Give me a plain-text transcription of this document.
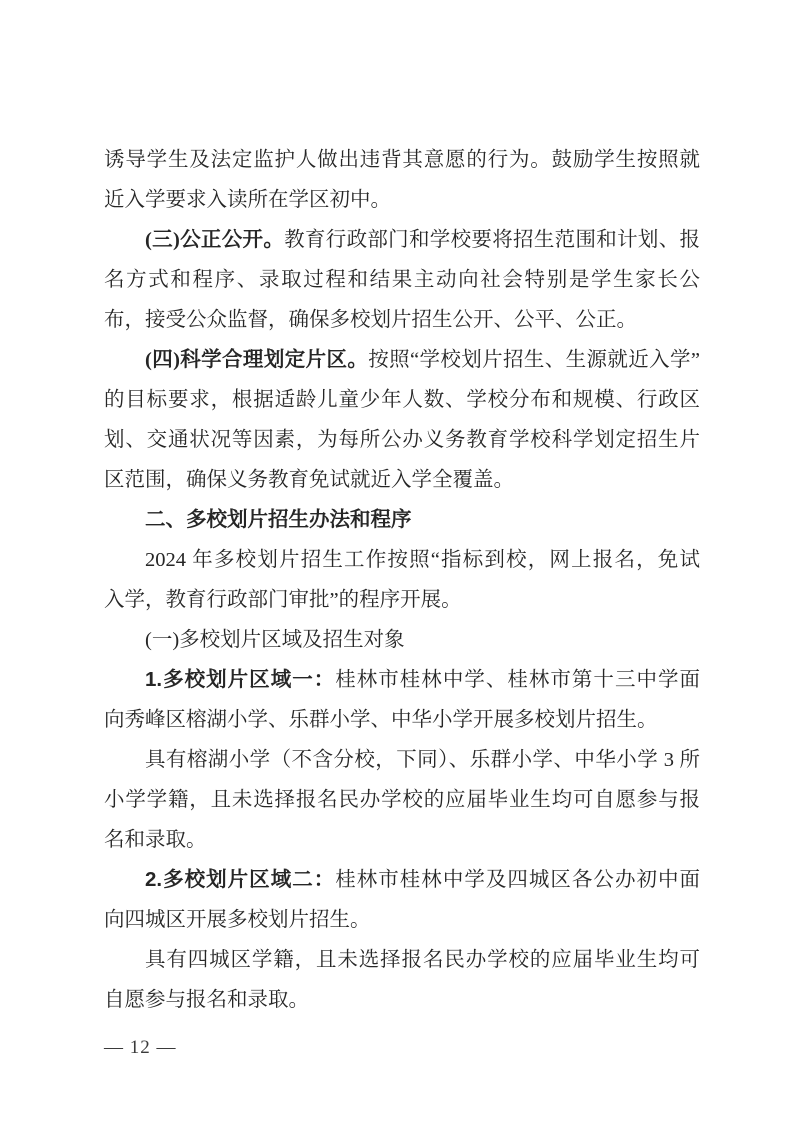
诱导学生及法定监护人做出违背其意愿的行为。鼓励学生按照就
近入学要求入读所在学区初中。
(三)公正公开。教育行政部门和学校要将招生范围和计划、报
名方式和程序、录取过程和结果主动向社会特别是学生家长公
布，接受公众监督，确保多校划片招生公开、公平、公正。
(四)科学合理划定片区。按照“学校划片招生、生源就近入学”
的目标要求，根据适龄儿童少年人数、学校分布和规模、行政区
划、交通状况等因素，为每所公办义务教育学校科学划定招生片
区范围，确保义务教育免试就近入学全覆盖。
二、多校划片招生办法和程序
2024 年多校划片招生工作按照“指标到校，网上报名，免试
入学，教育行政部门审批”的程序开展。
(一)多校划片区域及招生对象
1.多校划片区域一：桂林市桂林中学、桂林市第十三中学面
向秀峰区榕湖小学、乐群小学、中华小学开展多校划片招生。
具有榕湖小学（不含分校，下同）、乐群小学、中华小学 3 所
小学学籍，且未选择报名民办学校的应届毕业生均可自愿参与报
名和录取。
2.多校划片区域二：桂林市桂林中学及四城区各公办初中面
向四城区开展多校划片招生。
具有四城区学籍，且未选择报名民办学校的应届毕业生均可
自愿参与报名和录取。
— 12 —
